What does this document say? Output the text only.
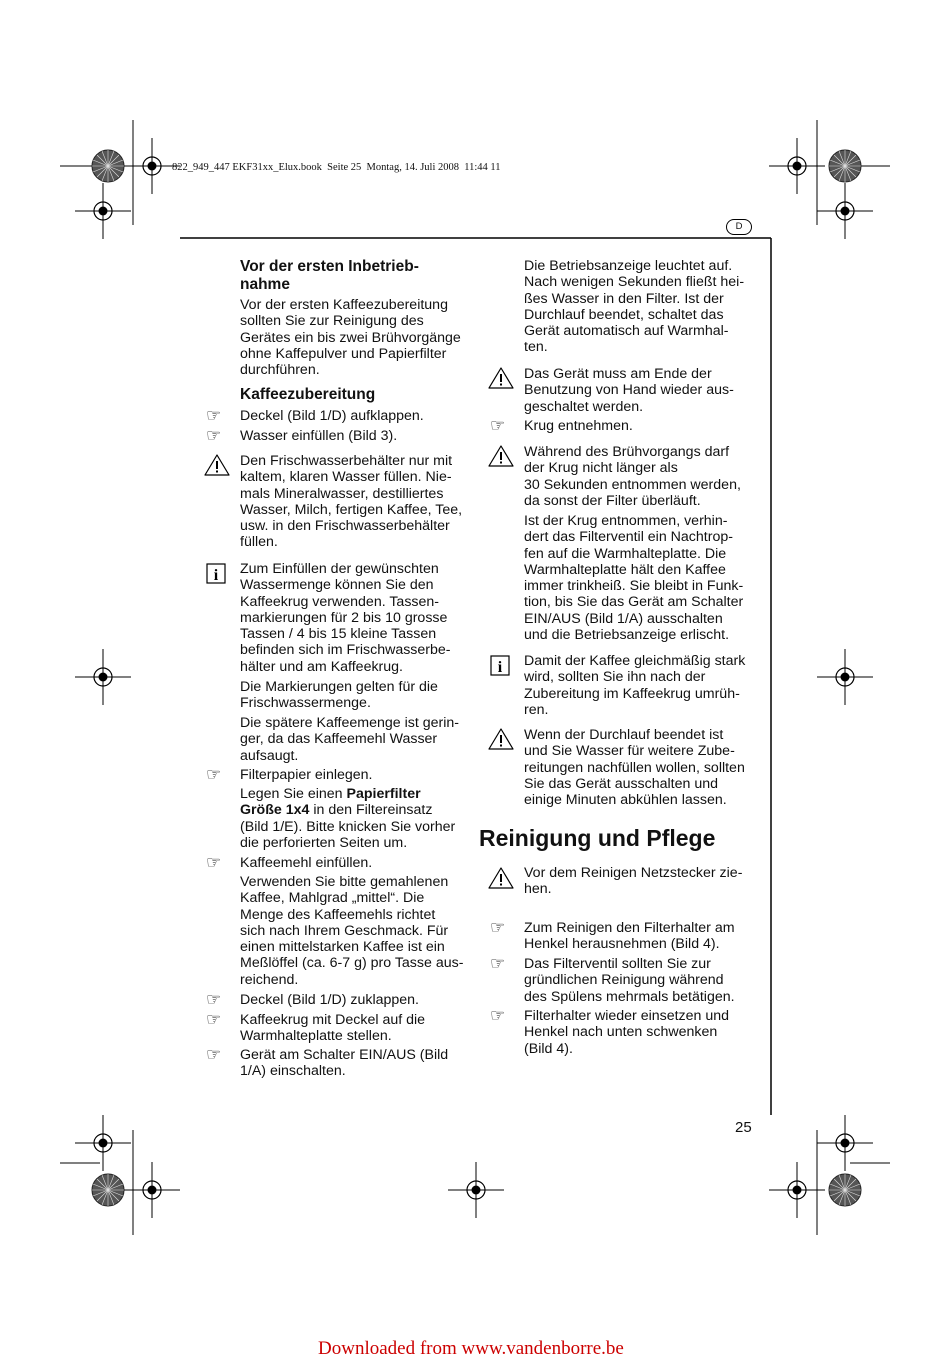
822_949_447 EKF31xx_Elux.book  Seite 25  Montag, 14. Juli 2008  11:44 11
D
Vor der ersten Inbetrieb-
nahme
Vor der ersten Kaffeezubereitung
sollten Sie zur Reinigung des
Gerätes ein bis zwei Brühvorgänge
ohne Kaffepulver und Papierfilter
durchführen.
Kaffeezubereitung
☞ Deckel (Bild 1/D) aufklappen.
☞ Wasser einfüllen (Bild 3).
Den Frischwasserbehälter nur mit
kaltem, klaren Wasser füllen. Nie-
mals Mineralwasser, destilliertes
Wasser, Milch, fertigen Kaffee, Tee,
usw. in den Frischwasserbehälter
füllen.
Zum Einfüllen der gewünschten
Wassermenge können Sie den
Kaffeekrug verwenden. Tassen-
markierungen für 2 bis 10 grosse
Tassen / 4 bis 15 kleine Tassen
befinden sich im Frischwasserbe-
hälter und am Kaffeekrug.
Die Markierungen gelten für die
Frischwassermenge.
Die spätere Kaffeemenge ist gerin-
ger, da das Kaffeemehl Wasser
aufsaugt.
☞ Filterpapier einlegen.
Legen Sie einen Papierfilter
Größe 1x4 in den Filtereinsatz
(Bild 1/E). Bitte knicken Sie vorher
die perforierten Seiten um.
☞ Kaffeemehl einfüllen.
Verwenden Sie bitte gemahlenen
Kaffee, Mahlgrad „mittel“. Die
Menge des Kaffeemehls richtet
sich nach Ihrem Geschmack. Für
einen mittelstarken Kaffee ist ein
Meßlöffel (ca. 6-7 g) pro Tasse aus-
reichend.
☞ Deckel (Bild 1/D) zuklappen.
☞ Kaffeekrug mit Deckel auf die
Warmhalteplatte stellen.
☞ Gerät am Schalter EIN/AUS (Bild
1/A) einschalten.
Die Betriebsanzeige leuchtet auf.
Nach wenigen Sekunden fließt hei-
ßes Wasser in den Filter. Ist der
Durchlauf beendet, schaltet das
Gerät automatisch auf Warmhal-
ten.
Das Gerät muss am Ende der
Benutzung von Hand wieder aus-
geschaltet werden.
☞ Krug entnehmen.
Während des Brühvorgangs darf
der Krug nicht länger als
30 Sekunden entnommen werden,
da sonst der Filter überläuft.
Ist der Krug entnommen, verhin-
dert das Filterventil ein Nachtrop-
fen auf die Warmhalteplatte. Die
Warmhalteplatte hält den Kaffee
immer trinkheiß. Sie bleibt in Funk-
tion, bis Sie das Gerät am Schalter
EIN/AUS (Bild 1/A) ausschalten
und die Betriebsanzeige erlischt.
Damit der Kaffee gleichmäßig stark
wird, sollten Sie ihn nach der
Zubereitung im Kaffeekrug umrüh-
ren.
Wenn der Durchlauf beendet ist
und Sie Wasser für weitere Zube-
reitungen nachfüllen wollen, sollten
Sie das Gerät ausschalten und
einige Minuten abkühlen lassen.
Reinigung und Pflege
Vor dem Reinigen Netzstecker zie-
hen.
☞ Zum Reinigen den Filterhalter am
Henkel herausnehmen (Bild 4).
☞ Das Filterventil sollten Sie zur
gründlichen Reinigung während
des Spülens mehrmals betätigen.
☞ Filterhalter wieder einsetzen und
Henkel nach unten schwenken
(Bild 4).
25
Downloaded from www.vandenborre.be
